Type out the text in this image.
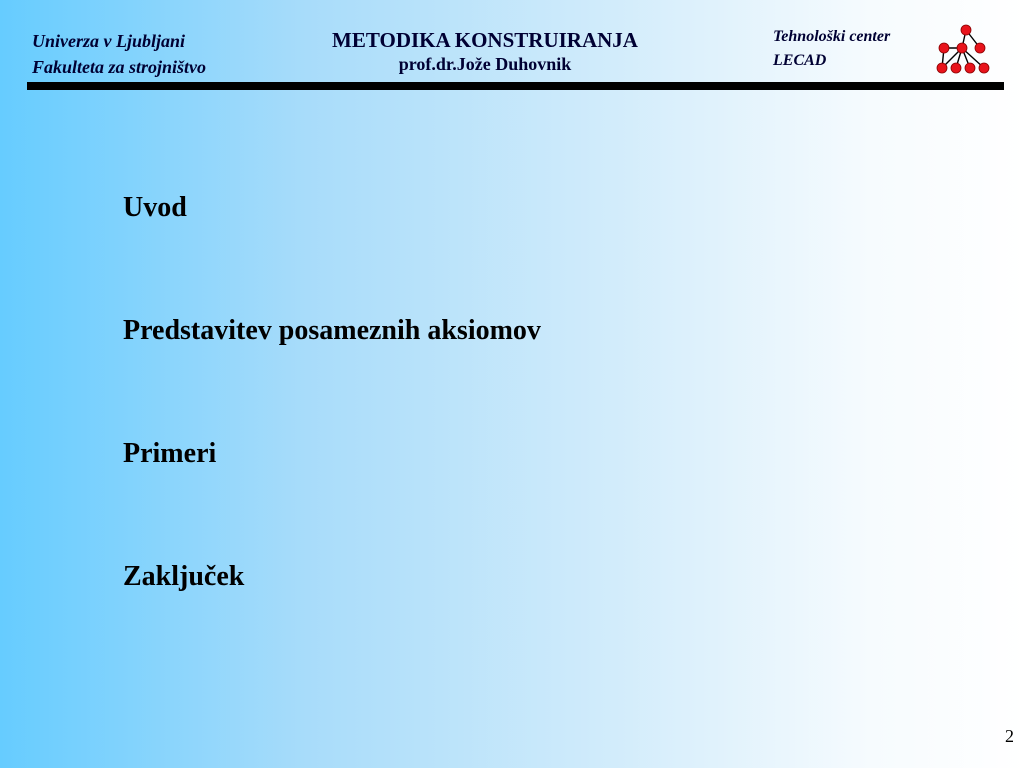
Univerza v Ljubljani
Fakulteta za strojništvo
METODIKA KONSTRUIRANJA
prof.dr.Jože Duhovnik
Tehnološki center
LECAD
Uvod
Predstavitev posameznih aksiomov
Primeri
Zaključek
2
